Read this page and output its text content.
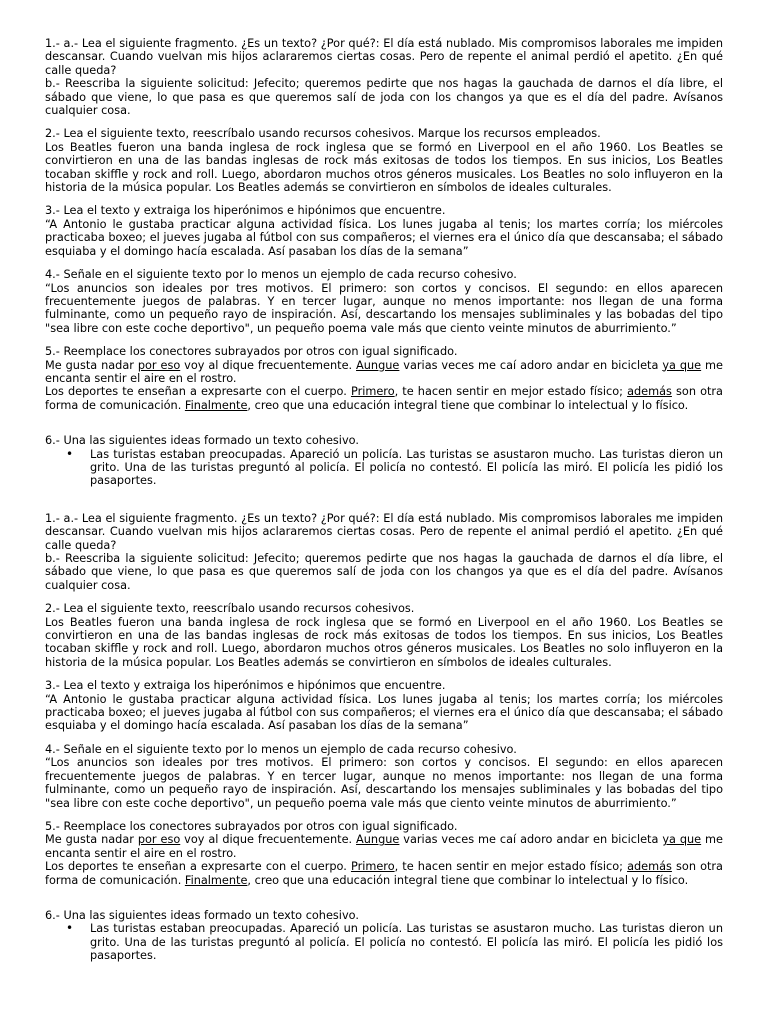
1.- a.- Lea el siguiente fragmento. ¿Es un texto? ¿Por qué?: El día está nublado. Mis compromisos laborales me impiden descansar. Cuando vuelvan mis hijos aclararemos ciertas cosas. Pero de repente el animal perdió el apetito. ¿En qué calle queda?

b.- Reescriba la siguiente solicitud: Jefecito; queremos pedirte que nos hagas la gauchada de darnos el día libre, el sábado que viene, lo que pasa es que queremos salí de joda con los changos ya que es el día del padre. Avísanos cualquier cosa.

2.- Lea el siguiente texto, reescríbalo usando recursos cohesivos. Marque los recursos empleados.

Los Beatles fueron una banda inglesa de rock inglesa que se formó en Liverpool en el año 1960. Los Beatles se convirtieron en una de las bandas inglesas de rock más exitosas de todos los tiempos. En sus inicios, Los Beatles tocaban skiffle y rock and roll. Luego, abordaron muchos otros géneros musicales. Los Beatles no solo influyeron en la historia de la música popular. Los Beatles además se convirtieron en símbolos de ideales culturales.

3.- Lea el texto y extraiga los hiperónimos e hipónimos que encuentre.

“A Antonio le gustaba practicar alguna actividad física. Los lunes jugaba al tenis; los martes corría; los miércoles practicaba boxeo; el jueves jugaba al fútbol con sus compañeros; el viernes era el único día que descansaba; el sábado esquiaba y el domingo hacía escalada. Así pasaban los días de la semana”

4.- Señale en el siguiente texto por lo menos un ejemplo de cada recurso cohesivo.

“Los anuncios son ideales por tres motivos. El primero: son cortos y concisos. El segundo: en ellos aparecen frecuentemente juegos de palabras. Y en tercer lugar, aunque no menos importante: nos llegan de una forma fulminante, como un pequeño rayo de inspiración. Así, descartando los mensajes subliminales y las bobadas del tipo "sea libre con este coche deportivo", un pequeño poema vale más que ciento veinte minutos de aburrimiento.”

5.- Reemplace los conectores subrayados por otros con igual significado.

Me gusta nadar por eso voy al dique frecuentemente. Aungue varias veces me caí adoro andar en bicicleta ya que me encanta sentir el aire en el rostro.

Los deportes te enseñan a expresarte con el cuerpo. Primero, te hacen sentir en mejor estado físico; además son otra forma de comunicación. Finalmente, creo que una educación integral tiene que combinar lo intelectual y lo físico.

6.- Una las siguientes ideas formado un texto cohesivo.

• Las turistas estaban preocupadas. Apareció un policía. Las turistas se asustaron mucho. Las turistas dieron un grito. Una de las turistas preguntó al policía. El policía no contestó. El policía las miró. El policía les pidió los pasaportes.

1.- a.- Lea el siguiente fragmento. ¿Es un texto? ¿Por qué?: El día está nublado. Mis compromisos laborales me impiden descansar. Cuando vuelvan mis hijos aclararemos ciertas cosas. Pero de repente el animal perdió el apetito. ¿En qué calle queda?

b.- Reescriba la siguiente solicitud: Jefecito; queremos pedirte que nos hagas la gauchada de darnos el día libre, el sábado que viene, lo que pasa es que queremos salí de joda con los changos ya que es el día del padre. Avísanos cualquier cosa.

2.- Lea el siguiente texto, reescríbalo usando recursos cohesivos.

Los Beatles fueron una banda inglesa de rock inglesa que se formó en Liverpool en el año 1960. Los Beatles se convirtieron en una de las bandas inglesas de rock más exitosas de todos los tiempos. En sus inicios, Los Beatles tocaban skiffle y rock and roll. Luego, abordaron muchos otros géneros musicales. Los Beatles no solo influyeron en la historia de la música popular. Los Beatles además se convirtieron en símbolos de ideales culturales.

3.- Lea el texto y extraiga los hiperónimos e hipónimos que encuentre.

“A Antonio le gustaba practicar alguna actividad física. Los lunes jugaba al tenis; los martes corría; los miércoles practicaba boxeo; el jueves jugaba al fútbol con sus compañeros; el viernes era el único día que descansaba; el sábado esquiaba y el domingo hacía escalada. Así pasaban los días de la semana”

4.- Señale en el siguiente texto por lo menos un ejemplo de cada recurso cohesivo.

“Los anuncios son ideales por tres motivos. El primero: son cortos y concisos. El segundo: en ellos aparecen frecuentemente juegos de palabras. Y en tercer lugar, aunque no menos importante: nos llegan de una forma fulminante, como un pequeño rayo de inspiración. Así, descartando los mensajes subliminales y las bobadas del tipo "sea libre con este coche deportivo", un pequeño poema vale más que ciento veinte minutos de aburrimiento.”

5.- Reemplace los conectores subrayados por otros con igual significado.

Me gusta nadar por eso voy al dique frecuentemente. Aungue varias veces me caí adoro andar en bicicleta ya que me encanta sentir el aire en el rostro.

Los deportes te enseñan a expresarte con el cuerpo. Primero, te hacen sentir en mejor estado físico; además son otra forma de comunicación. Finalmente, creo que una educación integral tiene que combinar lo intelectual y lo físico.

6.- Una las siguientes ideas formado un texto cohesivo.

• Las turistas estaban preocupadas. Apareció un policía. Las turistas se asustaron mucho. Las turistas dieron un grito. Una de las turistas preguntó al policía. El policía no contestó. El policía las miró. El policía les pidió los pasaportes.
